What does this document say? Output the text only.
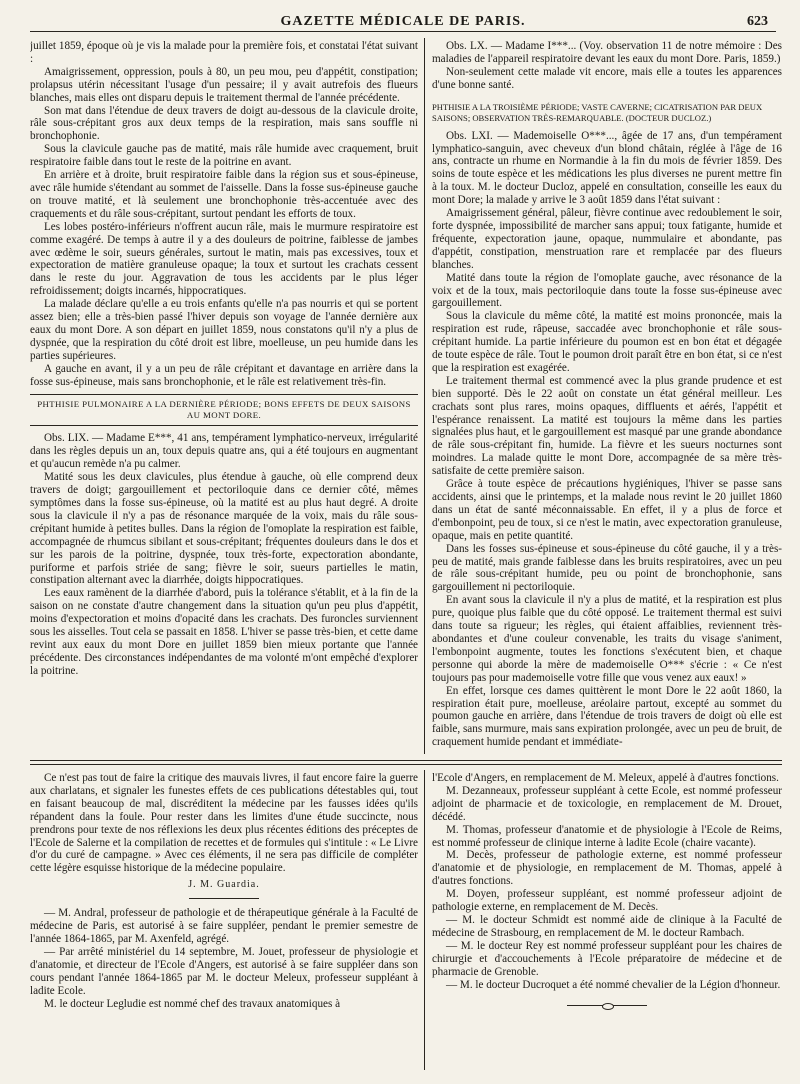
GAZETTE MÉDICALE DE PARIS.	623

juillet 1859, époque où je vis la malade pour la première fois, et constatai l'état suivant :

Amaigrissement, oppression, pouls à 80, un peu mou, peu d'appétit, constipation; prolapsus utérin nécessitant l'usage d'un pessaire; il y avait autrefois des flueurs blanches, mais elles ont disparu depuis le traitement thermal de l'année précédente.

Son mat dans l'étendue de deux travers de doigt au-dessous de la clavicule droite, râle sous-crépitant gros aux deux temps de la respiration, mais sans souffle ni bronchophonie.

Sous la clavicule gauche pas de matité, mais râle humide avec craquement, bruit respiratoire faible dans tout le reste de la poitrine en avant.

En arrière et à droite, bruit respiratoire faible dans la région sus et sous-épineuse, avec râle humide s'étendant au sommet de l'aisselle. Dans la fosse sus-épineuse gauche on trouve matité, et là seulement une bronchophonie très-accentuée avec des craquements et du râle sous-crépitant, surtout pendant les efforts de toux.

Les lobes postéro-inférieurs n'offrent aucun râle, mais le murmure respiratoire est comme exagéré. De temps à autre il y a des douleurs de poitrine, faiblesse de jambes avec œdème le soir, sueurs générales, surtout le matin, mais pas excessives, toux et expectoration de matière granuleuse opaque; la toux et surtout les crachats cessent dans le reste du jour. Aggravation de tous les accidents par le plus léger refroidissement; doigts incarnés, hippocratiques.

La malade déclare qu'elle a eu trois enfants qu'elle n'a pas nourris et qui se portent assez bien; elle a très-bien passé l'hiver depuis son voyage de l'année dernière aux eaux du mont Dore. A son départ en juillet 1859, nous constatons qu'il n'y a plus de dyspnée, que la respiration du côté droit est libre, moelleuse, un peu humide dans les parties supérieures.

A gauche en avant, il y a un peu de râle crépitant et davantage en arrière dans la fosse sus-épineuse, mais sans bronchophonie, et le râle est relativement très-fin.

PHTHISIE PULMONAIRE A LA DERNIÈRE PÉRIODE; BONS EFFETS DE DEUX SAISONS AU MONT DORE.

Obs. LIX. — Madame E***, 41 ans, tempérament lymphatico-nerveux, irrégularité dans les règles depuis un an, toux depuis quatre ans, qui a été toujours en augmentant et qu'aucun remède n'a pu calmer.

Matité sous les deux clavicules, plus étendue à gauche, où elle comprend deux travers de doigt; gargouillement et pectoriloquie dans ce dernier côté, mêmes symptômes dans la fosse sus-épineuse, où la matité est au plus haut degré. A droite sous la clavicule il n'y a pas de résonance marquée de la voix, mais du râle sous-crépitant humide à petites bulles. Dans la région de l'omoplate la respiration est faible, accompagnée de rhumcus sibilant et sous-crépitant; fréquentes douleurs dans le dos et sur les parois de la poitrine, dyspnée, toux très-forte, expectoration abondante, puriforme et parfois striée de sang; fièvre le soir, sueurs partielles le matin, constipation alternant avec la diarrhée, doigts hippocratiques.

Les eaux ramènent de la diarrhée d'abord, puis la tolérance s'établit, et à la fin de la saison on ne constate d'autre changement dans la situation qu'un peu plus d'appétit, moins d'expectoration et moins d'opacité dans les crachats. Des furoncles surviennent sous les aisselles. Tout cela se passait en 1858. L'hiver se passe très-bien, et cette dame revint aux eaux du mont Dore en juillet 1859 bien mieux portante que l'année précédente. Des circonstances indépendantes de ma volonté m'ont empêché d'explorer la poitrine.

Obs. LX. — Madame I***... (Voy. observation 11 de notre mémoire : Des maladies de l'appareil respiratoire devant les eaux du mont Dore. Paris, 1859.)

Non-seulement cette malade vit encore, mais elle a toutes les apparences d'une bonne santé.

PHTHISIE A LA TROISIÈME PÉRIODE; VASTE CAVERNE; CICATRISATION PAR DEUX SAISONS; OBSERVATION TRÈS-REMARQUABLE. (DOCTEUR DUCLOZ.)

Obs. LXI. — Mademoiselle O***..., âgée de 17 ans, d'un tempérament lymphatico-sanguin, avec cheveux d'un blond châtain, réglée à l'âge de 16 ans, contracte un rhume en Normandie à la fin du mois de février 1859. Des soins de toute espèce et les médications les plus diverses ne purent mettre fin à la toux. M. le docteur Ducloz, appelé en consultation, conseille les eaux du mont Dore; la malade y arrive le 3 août 1859 dans l'état suivant :

Amaigrissement général, pâleur, fièvre continue avec redoublement le soir, forte dyspnée, impossibilité de marcher sans appui; toux fatigante, humide et fréquente, expectoration jaune, opaque, nummulaire et abondante, pas d'appétit, constipation, menstruation rare et remplacée par des flueurs blanches.

Matité dans toute la région de l'omoplate gauche, avec résonance de la voix et de la toux, mais pectoriloquie dans toute la fosse sus-épineuse avec gargouillement.

Sous la clavicule du même côté, la matité est moins prononcée, mais la respiration est rude, râpeuse, saccadée avec bronchophonie et râle sous-crépitant humide. La partie inférieure du poumon est en bon état et dégagée de toute espèce de râle. Tout le poumon droit paraît être en bon état, si ce n'est que la respiration est exagérée.

Le traitement thermal est commencé avec la plus grande prudence et est bien supporté. Dès le 22 août on constate un état général meilleur. Les crachats sont plus rares, moins opaques, diffluents et aérés, l'appétit et l'espérance renaissent. La matité est toujours la même dans les parties signalées plus haut, et le gargouillement est masqué par une grande abondance de râle sous-crépitant fin, humide. La fièvre et les sueurs nocturnes sont moindres. La malade quitte le mont Dore, accompagnée de sa mère très-satisfaite de cette première saison.

Grâce à toute espèce de précautions hygiéniques, l'hiver se passe sans accidents, ainsi que le printemps, et la malade nous revint le 20 juillet 1860 dans un état de santé méconnaissable. En effet, il y a plus de force et d'embonpoint, peu de toux, si ce n'est le matin, avec expectoration granuleuse, opaque, mais en petite quantité.

Dans les fosses sus-épineuse et sous-épineuse du côté gauche, il y a très-peu de matité, mais grande faiblesse dans les bruits respiratoires, avec un peu de râle sous-crépitant humide, peu ou point de bronchophonie, sans gargouillement ni pectoriloquie.

En avant sous la clavicule il n'y a plus de matité, et la respiration est plus pure, quoique plus faible que du côté opposé. Le traitement thermal est suivi dans toute sa rigueur; les règles, qui étaient affaiblies, reviennent très-abondantes et d'une couleur convenable, les traits du visage s'animent, l'embonpoint augmente, toutes les fonctions s'exécutent bien, et chaque personne qui aborde la mère de mademoiselle O*** s'écrie : « Ce n'est toujours pas pour mademoiselle votre fille que vous venez aux eaux! »

En effet, lorsque ces dames quittèrent le mont Dore le 22 août 1860, la respiration était pure, moelleuse, aréolaire partout, excepté au sommet du poumon gauche en arrière, dans l'étendue de trois travers de doigt où elle est faible, sans murmure, mais sans expiration prolongée, avec un peu de bruit, de craquement humide pendant et immédiate-

Ce n'est pas tout de faire la critique des mauvais livres, il faut encore faire la guerre aux charlatans, et signaler les funestes effets de ces publications détestables qui, tout en faisant beaucoup de mal, discréditent la médecine par les fausses idées qu'ils répandent dans la foule. Pour rester dans les limites d'une étude succincte, nous prendrons pour texte de nos réflexions les deux plus récentes éditions des préceptes de l'Ecole de Salerne et la compilation de recettes et de formules qui s'intitule : « Le Livre d'or du curé de campagne. » Avec ces éléments, il ne sera pas difficile de compléter cette légère esquisse historique de la médecine populaire.

J. M. Guardia.

— M. Andral, professeur de pathologie et de thérapeutique générale à la Faculté de médecine de Paris, est autorisé à se faire suppléer, pendant le premier semestre de l'année 1864-1865, par M. Axenfeld, agrégé.

— Par arrêté ministériel du 14 septembre, M. Jouet, professeur de physiologie et d'anatomie, et directeur de l'Ecole d'Angers, est autorisé à se faire suppléer dans son cours pendant l'année 1864-1865 par M. le docteur Meleux, professeur suppléant à ladite Ecole.

M. le docteur Legludie est nommé chef des travaux anatomiques à

l'Ecole d'Angers, en remplacement de M. Meleux, appelé à d'autres fonctions.

M. Dezanneaux, professeur suppléant à cette Ecole, est nommé professeur adjoint de pharmacie et de toxicologie, en remplacement de M. Drouet, décédé.

M. Thomas, professeur d'anatomie et de physiologie à l'Ecole de Reims, est nommé professeur de clinique interne à ladite Ecole (chaire vacante).

M. Decès, professeur de pathologie externe, est nommé professeur d'anatomie et de physiologie, en remplacement de M. Thomas, appelé à d'autres fonctions.

M. Doyen, professeur suppléant, est nommé professeur adjoint de pathologie externe, en remplacement de M. Decès.

— M. le docteur Schmidt est nommé aide de clinique à la Faculté de médecine de Strasbourg, en remplacement de M. le docteur Rambach.

— M. le docteur Rey est nommé professeur suppléant pour les chaires de chirurgie et d'accouchements à l'Ecole préparatoire de médecine et de pharmacie de Grenoble.

— M. le docteur Ducroquet a été nommé chevalier de la Légion d'honneur.
